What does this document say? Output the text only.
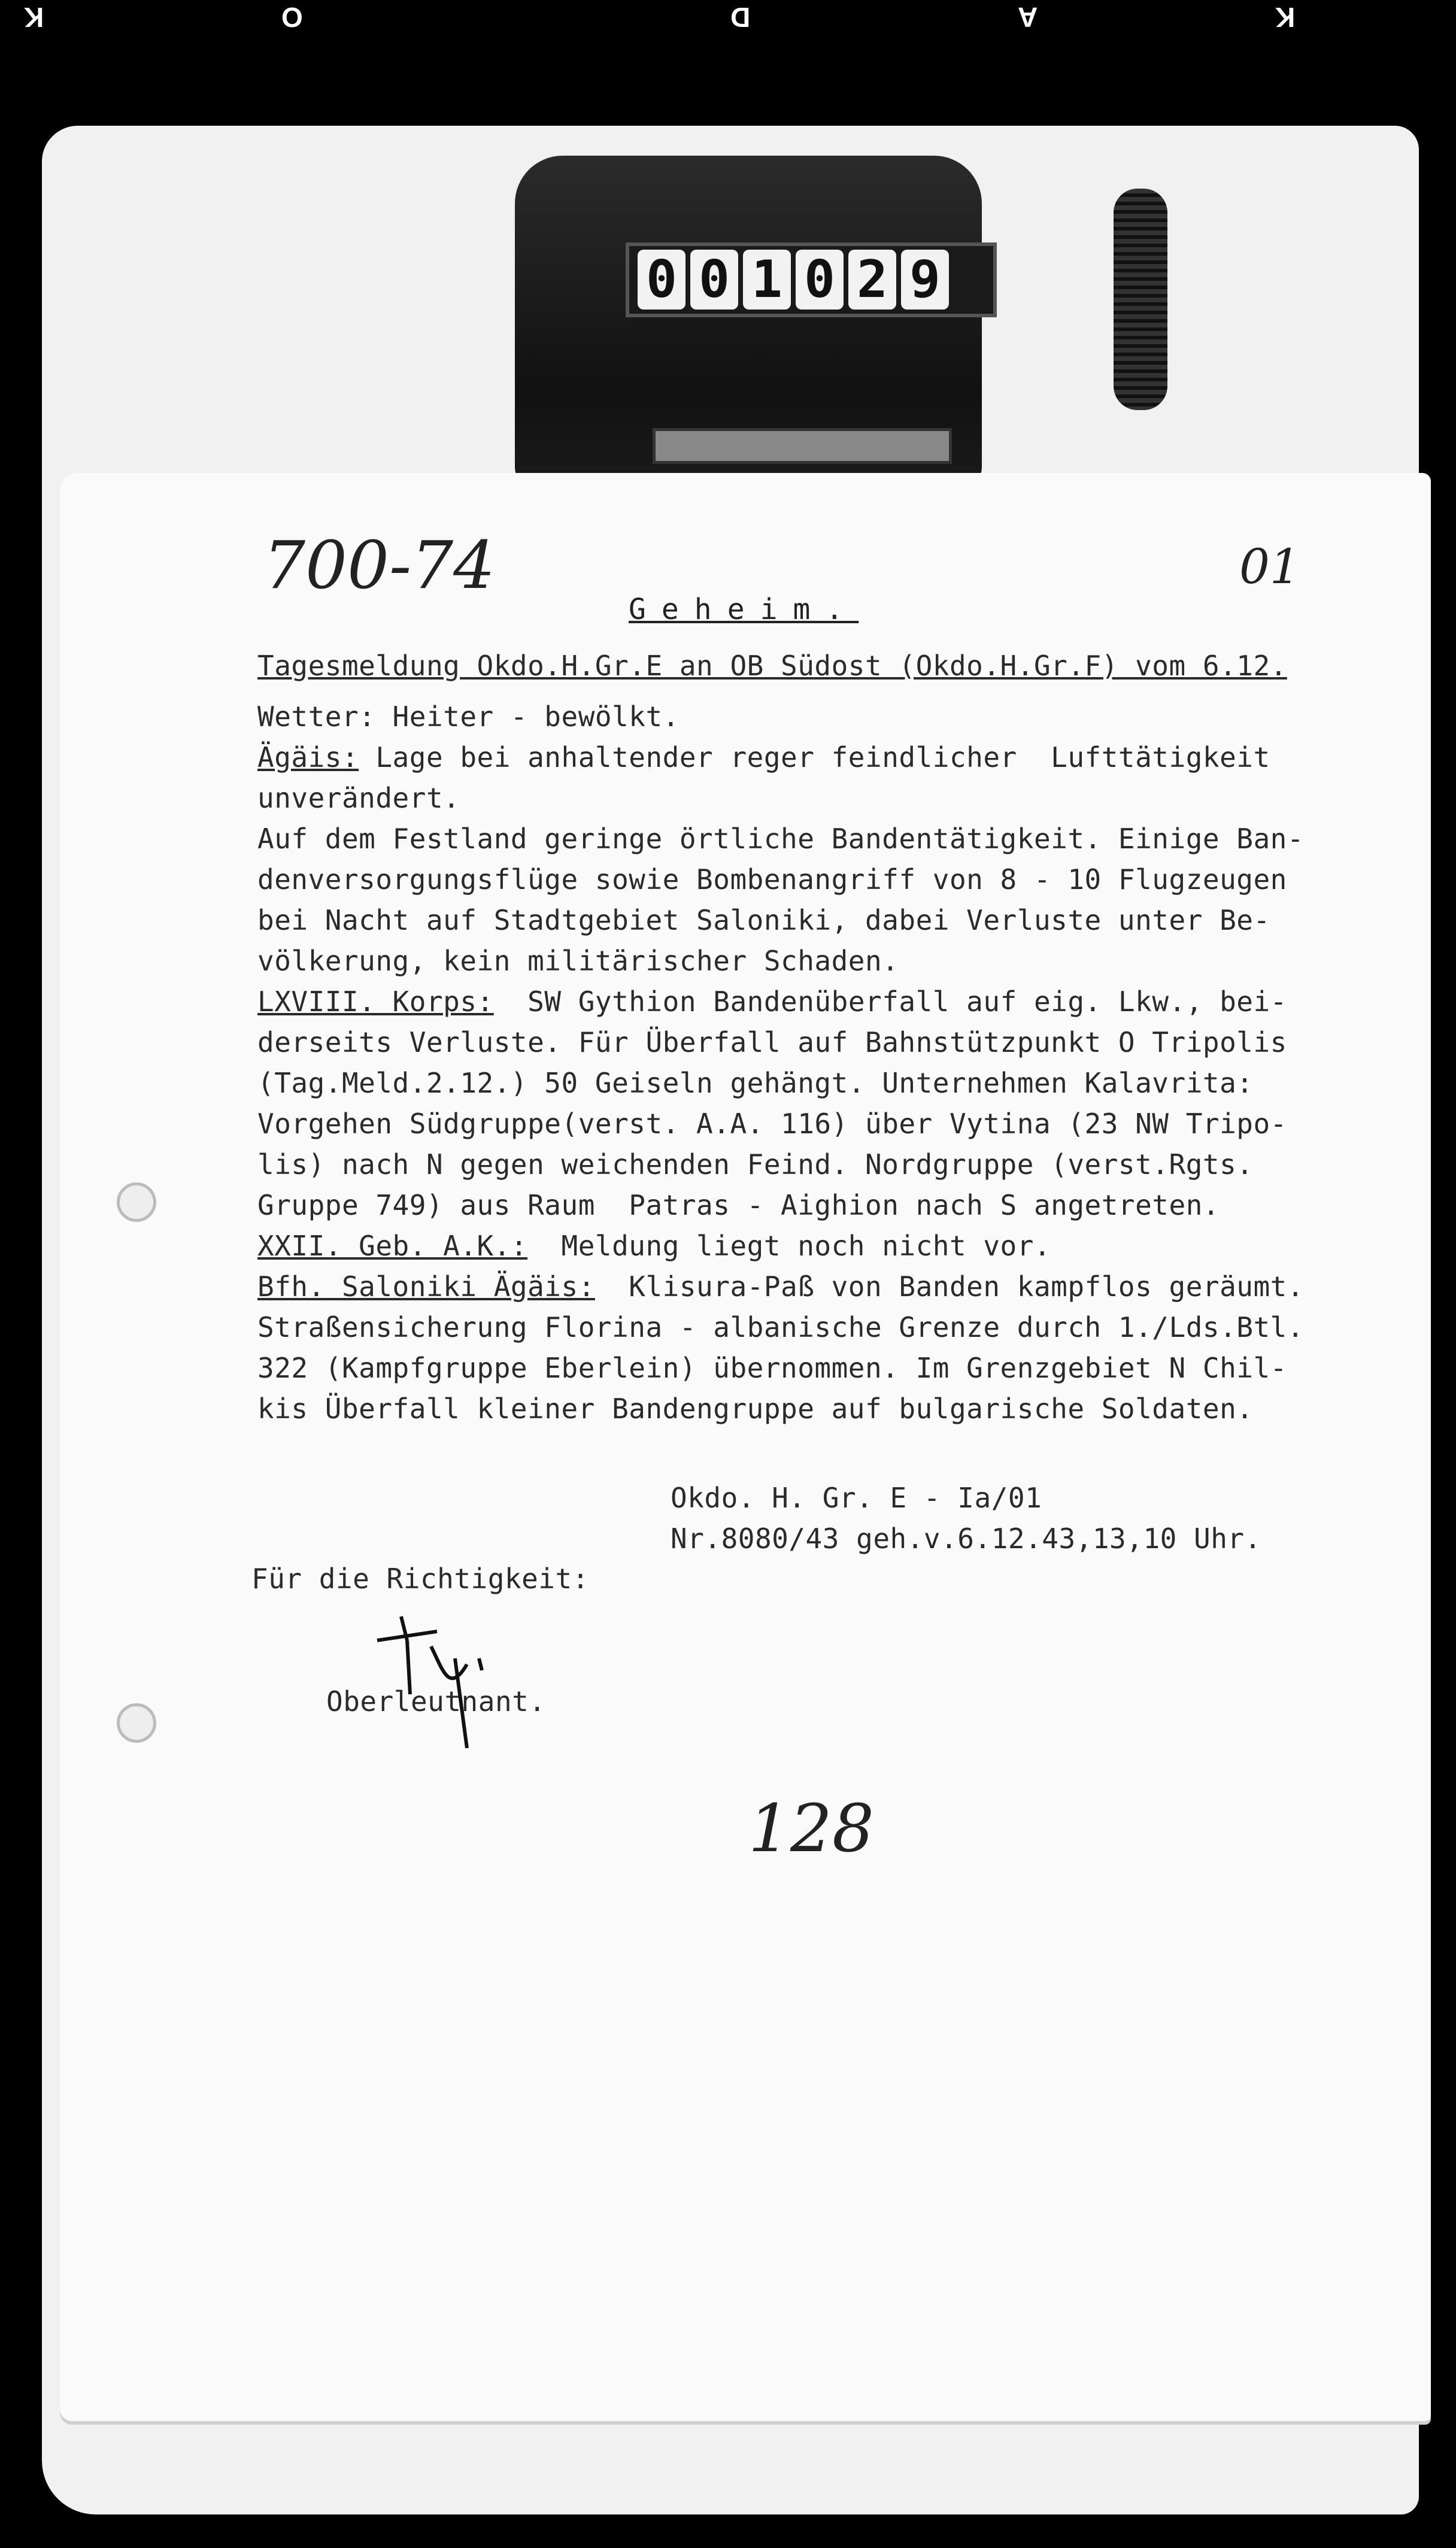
K	O	D	A	K
0 0 1 0 2 9
700-74	01
128
Geheim.
Tagesmeldung Okdo.H.Gr.E an OB Südost (Okdo.H.Gr.F) vom 6.12.
Wetter: Heiter - bewölkt.
Ägäis: Lage bei anhaltender reger feindlicher  Lufttätigkeit
unverändert.
Auf dem Festland geringe örtliche Bandentätigkeit. Einige Ban-
denversorgungsflüge sowie Bombenangriff von 8 - 10 Flugzeugen
bei Nacht auf Stadtgebiet Saloniki, dabei Verluste unter Be-
völkerung, kein militärischer Schaden.
LXVIII. Korps:  SW Gythion Bandenüberfall auf eig. Lkw., bei-
derseits Verluste. Für Überfall auf Bahnstützpunkt O Tripolis
(Tag.Meld.2.12.) 50 Geiseln gehängt. Unternehmen Kalavrita:
Vorgehen Südgruppe(verst. A.A. 116) über Vytina (23 NW Tripo-
lis) nach N gegen weichenden Feind. Nordgruppe (verst.Rgts.
Gruppe 749) aus Raum  Patras - Aighion nach S angetreten.
XXII. Geb. A.K.:  Meldung liegt noch nicht vor.
Bfh. Saloniki Ägäis:  Klisura-Paß von Banden kampflos geräumt.
Straßensicherung Florina - albanische Grenze durch 1./Lds.Btl.
322 (Kampfgruppe Eberlein) übernommen. Im Grenzgebiet N Chil-
kis Überfall kleiner Bandengruppe auf bulgarische Soldaten.
Okdo. H. Gr. E - Ia/01
Nr.8080/43 geh.v.6.12.43,13,10 Uhr.
Für die Richtigkeit:
Oberleutnant.
